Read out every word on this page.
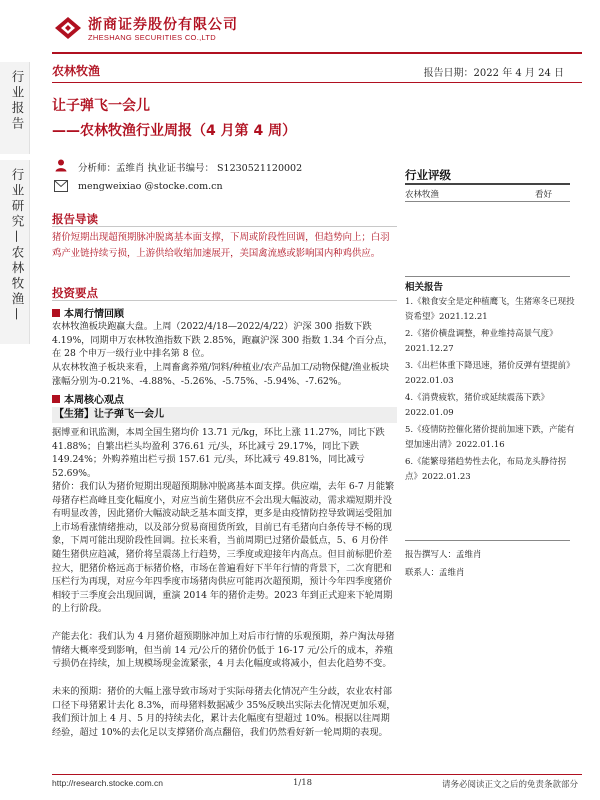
浙商证券股份有限公司
ZHESHANG SECURITIES CO.,LTD
农林牧渔	报告日期：2022 年 4 月 24 日
行业报告
行业研究—农林牧渔—
让子弹飞一会儿
——农林牧渔行业周报（4 月第 4 周）
分析师：孟维肖 执业证书编号： S1230521120002
mengweixiao @stocke.com.cn
报告导读
猪价短期出现超预期脉冲脱离基本面支撑，下周或阶段性回调，但趋势向上；白羽鸡产业链持续亏损，上游供给收缩加速展开，美国禽流感或影响国内种鸡供应。
投资要点
本周行情回顾
农林牧渔板块跑赢大盘。上周（2022/4/18—2022/4/22）沪深 300 指数下跌 4.19%，同期申万农林牧渔指数下跌 2.85%，跑赢沪深 300 指数 1.34 个百分点，在 28 个申万一级行业中排名第 8 位。
从农林牧渔子板块来看，上周畜禽养殖/饲料/种植业/农产品加工/动物保健/渔业板块涨幅分别为-0.21%、-4.88%、-5.26%、-5.75%、-5.94%、-7.62%。
本周核心观点
【生猪】让子弹飞一会儿
据博亚和讯监测，本周全国生猪均价 13.71 元/kg，环比上涨 11.27%，同比下跌 41.88%；自繁出栏头均盈利 376.61 元/头，环比减亏 29.17%，同比下跌 149.24%；外购养殖出栏亏损 157.61 元/头，环比减亏 49.81%，同比减亏 52.69%。
猪价：我们认为猪价短期出现超预期脉冲脱离基本面支撑。供应端，去年 6-7 月能繁母猪存栏高峰且变化幅度小，对应当前生猪供应不会出现大幅波动，需求端短期并没有明显改善，因此猪价大幅波动缺乏基本面支撑，更多是由疫情防控导致调运受阻加上市场看涨情绪推动，以及部分贸易商囤货所致，目前已有毛猪向白条传导不畅的现象，下周可能出现阶段性回调。拉长来看，当前周期已过猪价最低点，5、6 月份伴随生猪供应趋减，猪价将呈震荡上行趋势，三季度或迎接年内高点。但目前标肥价差拉大，肥猪价格远高于标猪价格，市场在普遍看好下半年行情的背景下，二次育肥和压栏行为再现，对应今年四季度市场猪肉供应可能再次超预期，预计今年四季度猪价相较于三季度会出现回调，重演 2014 年的猪价走势。2023 年到正式迎来下轮周期的上行阶段。
产能去化：我们认为 4 月猪价超预期脉冲加上对后市行情的乐观预期，养户淘汰母猪情绪大概率受到影响，但当前 14 元/公斤的猪价仍低于 16-17 元/公斤的成本，养殖亏损仍在持续，加上规模场现金流紧张，4 月去化幅度或将减小，但去化趋势不变。
未来的预期：猪价的大幅上涨导致市场对于实际母猪去化情况产生分歧，农业农村部口径下母猪累计去化 8.3%，而母猪料数据减少 35%反映出实际去化情况更加乐观，我们预计加上 4 月、5 月的持续去化，累计去化幅度有望超过 10%。根据以往周期经验，超过 10%的去化足以支撑猪价高点翻倍，我们仍然看好新一轮周期的表现。
行业评级
农林牧渔	看好
相关报告
1.《粮食安全是定种植鹰飞，生猪寒冬已现投资希望》2021.12.21
2.《猪价横盘调整，种业维持高景气度》2021.12.27
3.《出栏体重下降迅速，猪价反弹有望提前》2022.01.03
4.《消费疲软，猪价或延续震荡下跌》2022.01.09
5.《疫情防控催化猪价提前加速下跌，产能有望加速出清》2022.01.16
6.《能繁母猪趋势性去化，布局龙头静待拐点》2022.01.23
报告撰写人：孟维肖
联系人：孟维肖
http://research.stocke.com.cn	1/18	请务必阅读正文之后的免责条款部分
